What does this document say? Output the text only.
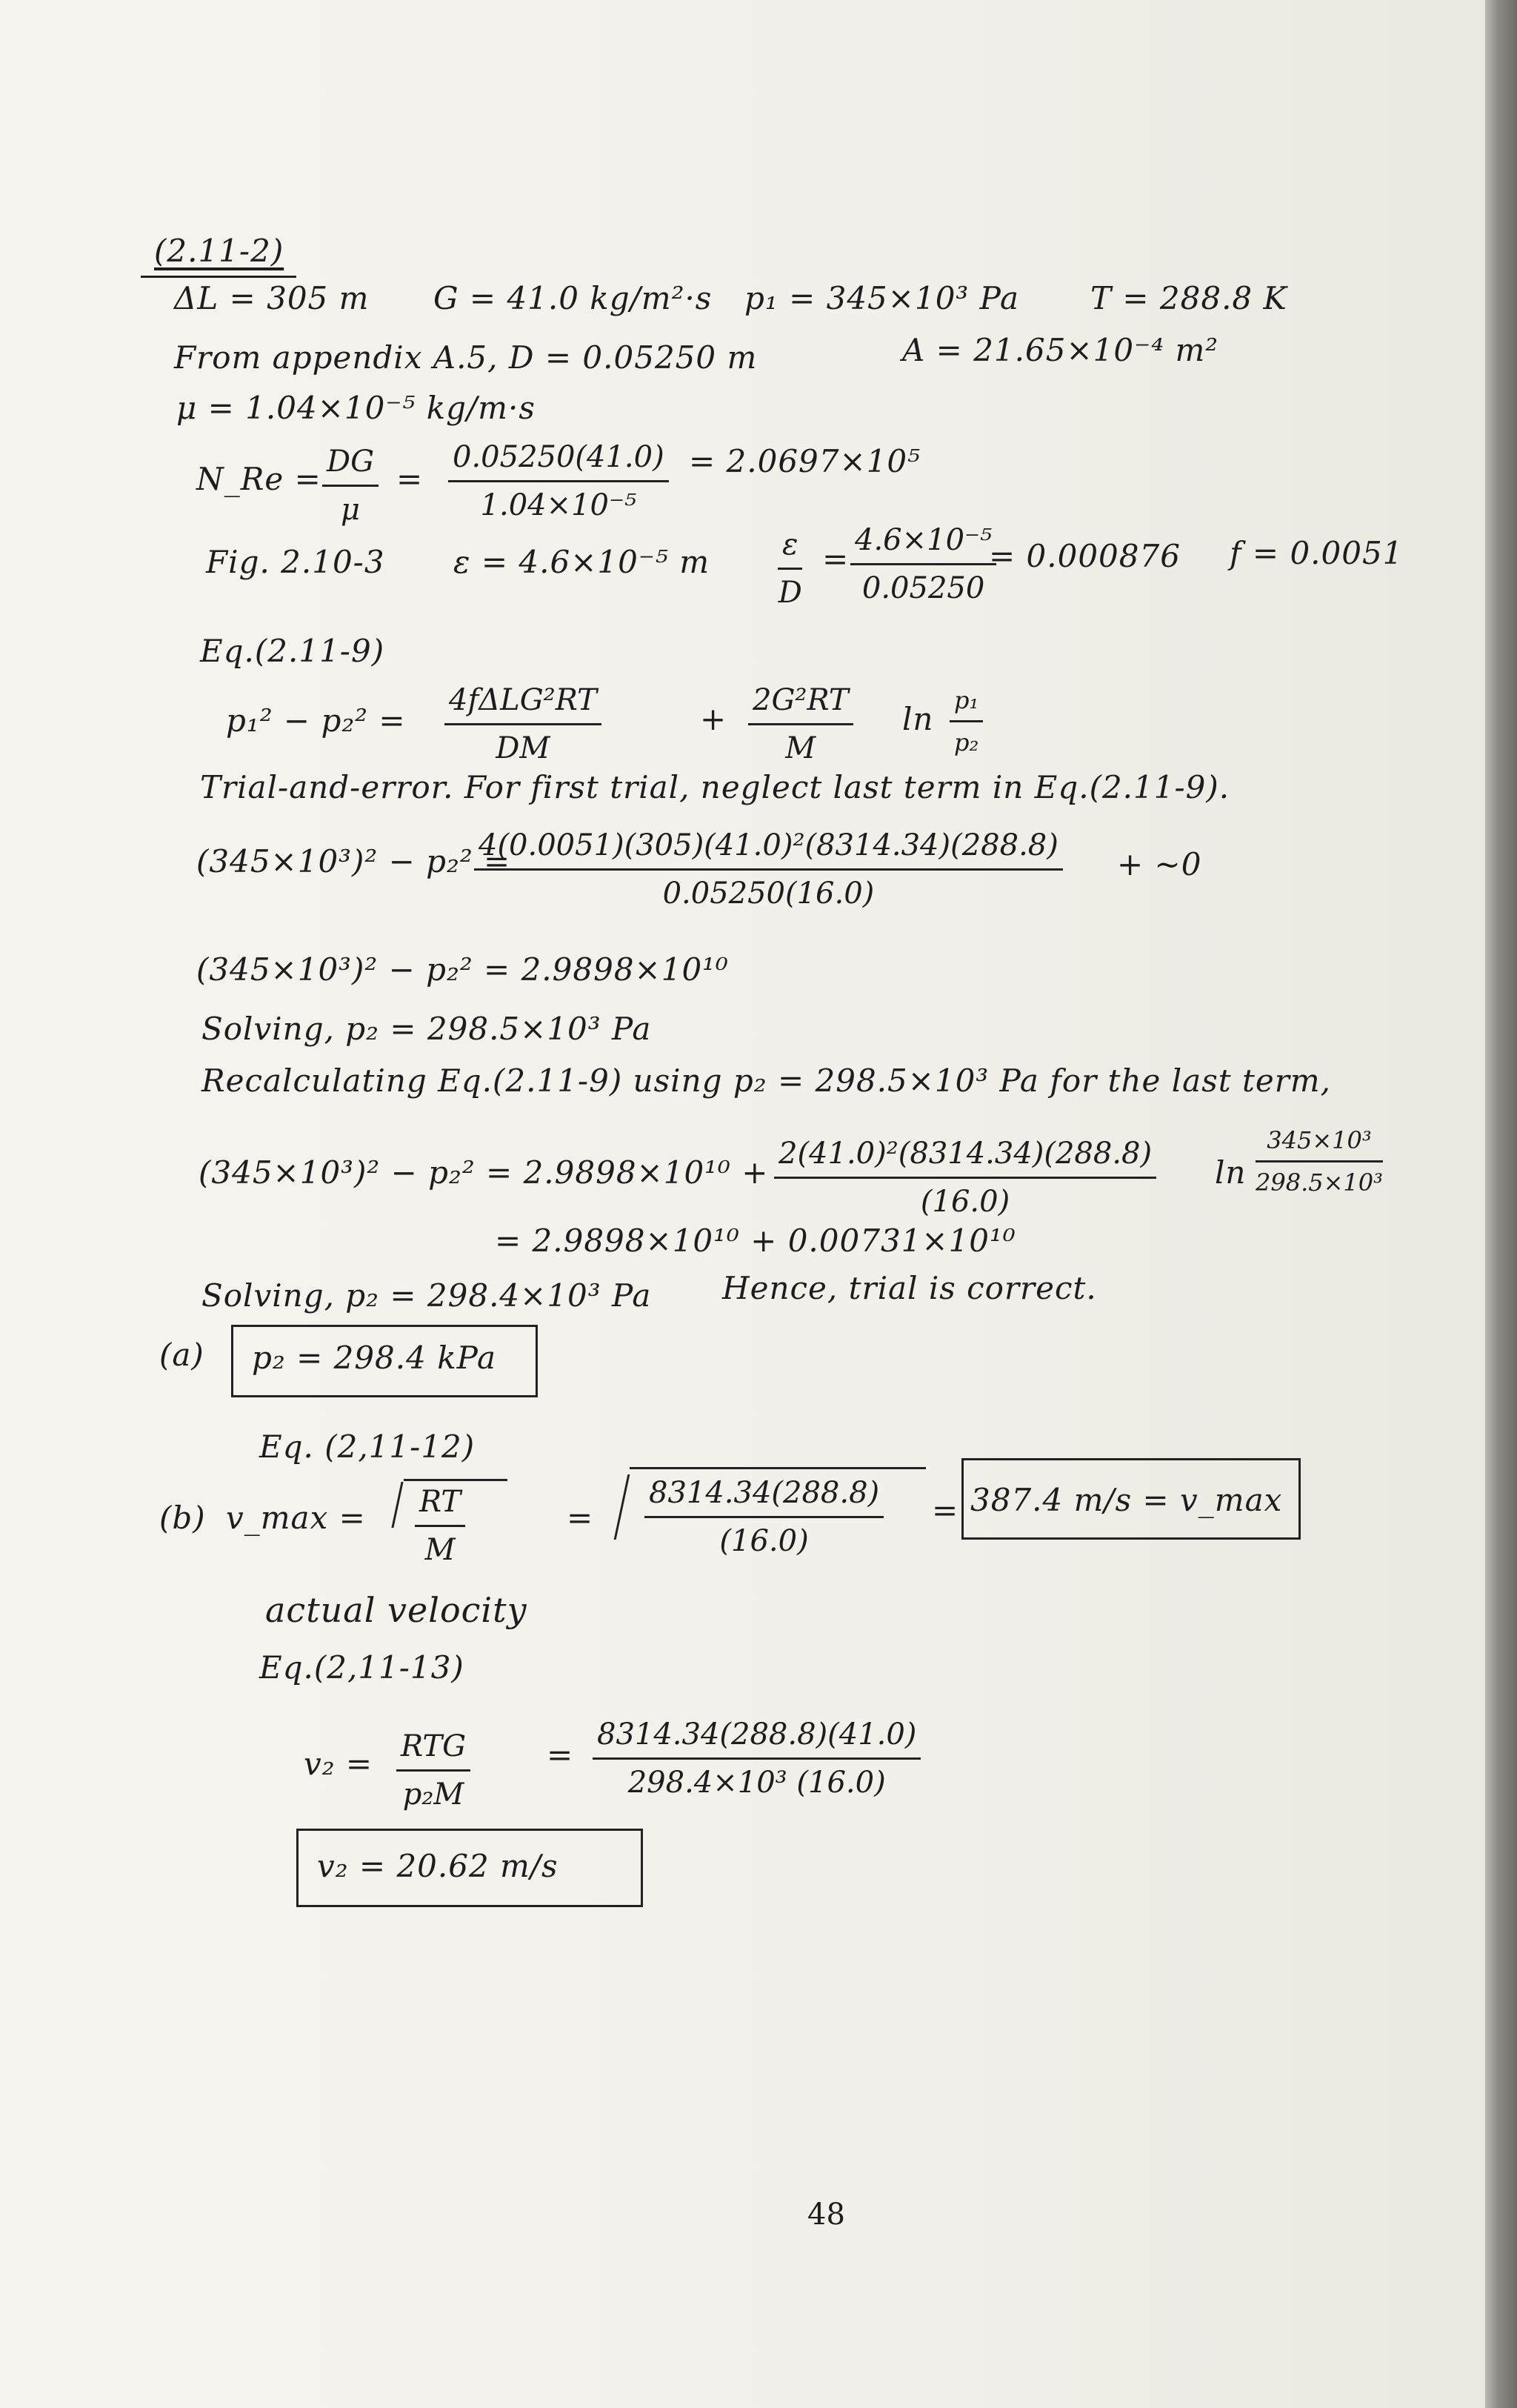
(2.11-2)
ΔL = 305 m G = 41.0 kg/m²·s p₁ = 345×10³ Pa T = 288.8 K
From appendix A.5, D = 0.05250 m	A = 21.65×10⁻⁴ m²
μ = 1.04×10⁻⁵ kg/m·s
N_Re = $\frac{DG}{\mu} = \frac{0.05250(41.0)}{\text{1.04×10⁻⁵}} = 2.0697\times 10^5$
Fig. 2.10-3 ε = 4.6×10⁻⁵ m $\frac{\varepsilon}{D} = \frac{\text{4.6×10⁻⁵}}{0.05250}$
= 0.000876 f = 0.0051
Eq.(2.11-9)
p₁² − p₂² =
4fΔLG²RT
DM
+ $\frac{\text{2G²RT}}{M}$ $\ln \frac{\text{p₁}}{\text{p₂}}$
Trial-and-error. For first trial, neglect last term in Eq.(2.11-9).
(345×10³)² − p₂² =
$\frac{\text{4(0.0051)(305)(41.0)²(8314.34)(288.8)}}{0.05250(16.0)}$ + ~0
(345×10³)² − p₂² = 2.9898×10¹⁰
Solving, p₂ = 298.5×10³ Pa
Recalculating Eq.(2.11-9) using p₂ = 298.5×10³ Pa for the last term,
$(345\times 10^3)^2 - p_2^2 = 2.9898\times 10^{10} + \frac{\text{2(41.0)²(8314.34)(288.8)}}{(16.0)}$ $\ln \frac{\text{345×10³}}{\text{298.5×10³}}$
= 2.9898×10¹⁰ + 0.00731×10¹⁰
Solving, p₂ = 298.4×10³ Pa Hence, trial is correct.
(a) p₂ = 298.4 kPa
Eq. (2,11-12)
(b) v_max = $\frac{RT}{M}$	= $\frac{8314.34(288.8)}{(16.0)} = 387.4$ m/s = v_max
actual velocity
Eq.(2,11-13)
v₂ = RTG
p₂M
= $\frac{8314.34(288.8)(41.0)}{\text{298.4×10³ (16.0)}}$
v₂ = 20.62 m/s
48
